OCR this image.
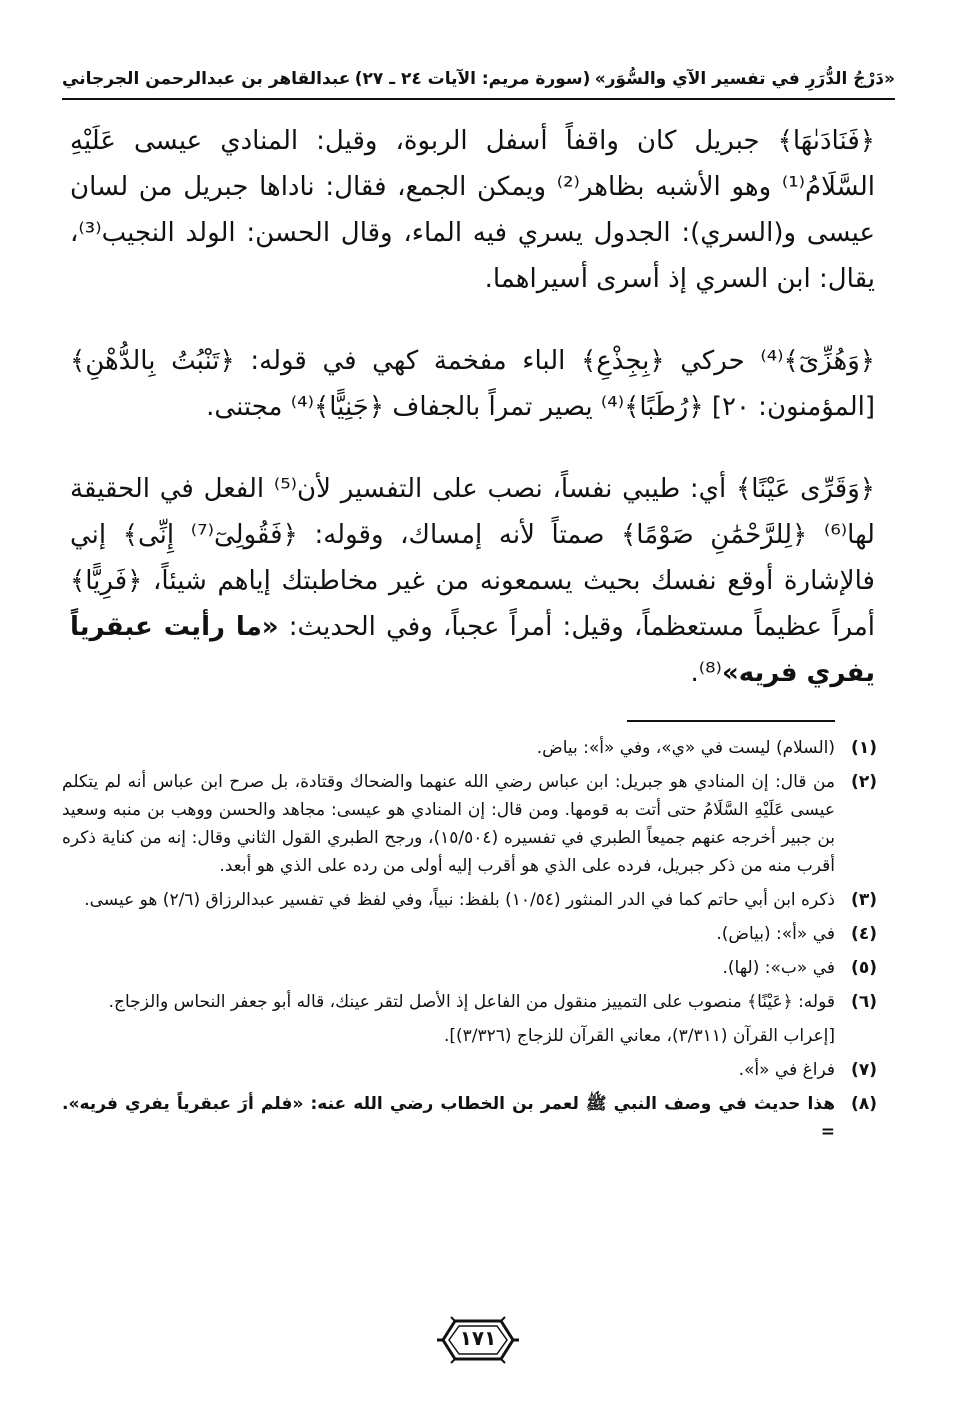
«دَرْجُ الدُّرَرِ في تفسير الآي والسُّوَر»
(سورة مريم: الآيات ٢٤ ـ ٢٧)
عبدالقاهر بن عبدالرحمن الجرجاني

﴿فَنَادَىٰهَا﴾ جبريل كان واقفاً أسفل الربوة، وقيل: المنادي عيسى عَلَيْهِ السَّلَامُ⁽¹⁾ وهو الأشبه بظاهر⁽²⁾ ويمكن الجمع، فقال: ناداها جبريل من لسان عيسى و(السري): الجدول يسري فيه الماء، وقال الحسن: الولد النجيب⁽³⁾، يقال: ابن السري إذ أسرى أسيراهما.

﴿وَهُزِّىٓ﴾⁽⁴⁾ حركي ﴿بِجِذْعِ﴾ الباء مفخمة كهي في قوله: ﴿تَنْبُتُ بِالدُّهْنِ﴾ [المؤمنون: ٢٠] ﴿رُطَبًا﴾⁽⁴⁾ يصير تمراً بالجفاف ﴿جَنِيًّا﴾⁽⁴⁾ مجتنى.

﴿وَقَرِّى عَيْنًا﴾ أي: طيبي نفساً، نصب على التفسير لأن⁽⁵⁾ الفعل في الحقيقة لها⁽⁶⁾ ﴿لِلرَّحْمَٰنِ صَوْمًا﴾ صمتاً لأنه إمساك، وقوله: ﴿فَقُولِىٓ⁽⁷⁾ إِنِّى﴾ إني فالإشارة أوقع نفسك بحيث يسمعونه من غير مخاطبتك إياهم شيئاً، ﴿فَرِيًّا﴾ أمراً عظيماً مستعظماً، وقيل: أمراً عجباً، وفي الحديث: «ما رأيت عبقرياً يفري فريه»⁽⁸⁾.

(١)
(السلام) ليست في «ي»، وفي «أ»: بياض.
(٢)
من قال: إن المنادي هو جبريل: ابن عباس رضي الله عنهما والضحاك وقتادة، بل صرح ابن عباس أنه لم يتكلم عيسى عَلَيْهِ السَّلَامُ حتى أتت به قومها. ومن قال: إن المنادي هو عيسى: مجاهد والحسن ووهب بن منبه وسعيد بن جبير أخرجه عنهم جميعاً الطبري في تفسيره (١٥/٥٠٤)، ورجح الطبري القول الثاني وقال: إنه من كناية ذكره أقرب منه من ذكر جبريل، فرده على الذي هو أقرب إليه أولى من رده على الذي هو أبعد.
(٣)
ذكره ابن أبي حاتم كما في الدر المنثور (١٠/٥٤) بلفظ: نبياً، وفي لفظ في تفسير عبدالرزاق (٢/٦) هو عيسى.
(٤)
في «أ»: (بياض).
(٥)
في «ب»: (لها).
(٦)
قوله: ﴿عَيْنًا﴾ منصوب على التمييز منقول من الفاعل إذ الأصل لتقر عينك، قاله أبو جعفر النحاس والزجاج.
[إعراب القرآن (٣/٣١١)، معاني القرآن للزجاج (٣/٣٢٦)].
(٧)
فراغ في «أ».
(٨)
هذا حديث في وصف النبي ﷺ لعمر بن الخطاب رضي الله عنه: «فلم أرَ عبقرياً يفري فريه». =
١٧١
